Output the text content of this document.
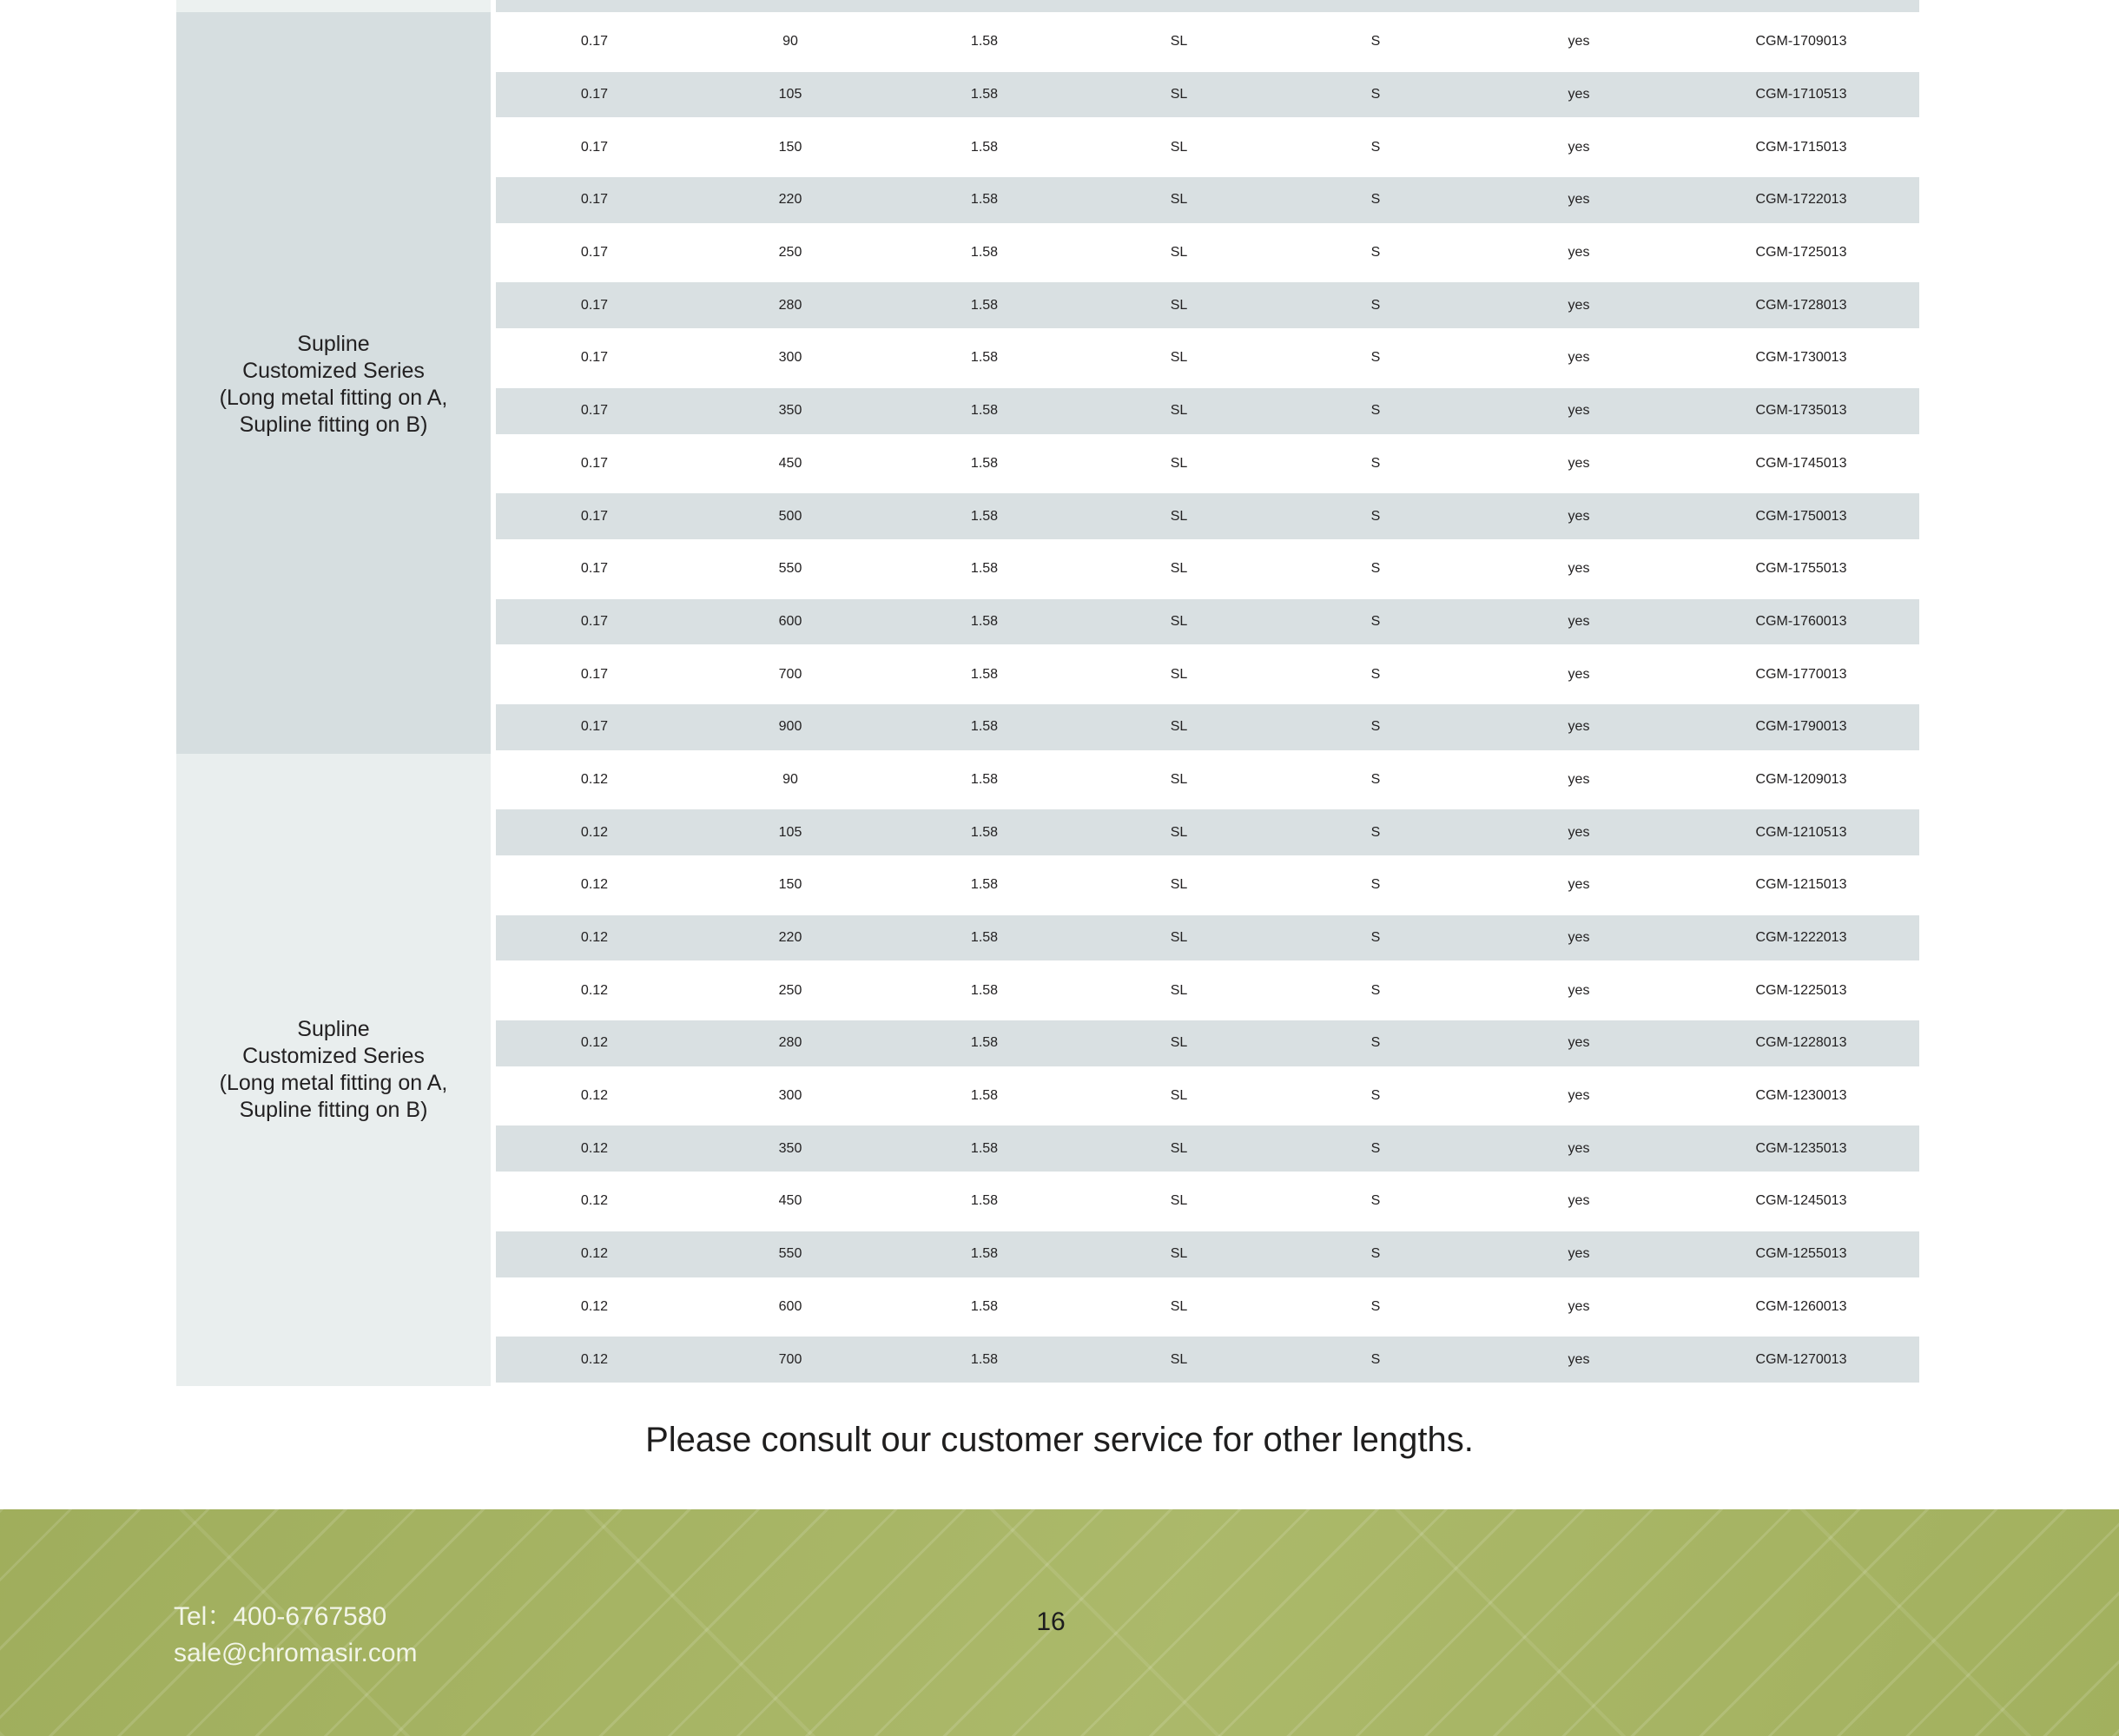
Supline
Customized Series
(Long metal fitting on A,
Supline fitting on B)
0.17	90	1.58	SL	S	yes	CGM-1709013
0.17	105	1.58	SL	S	yes	CGM-1710513
0.17	150	1.58	SL	S	yes	CGM-1715013
0.17	220	1.58	SL	S	yes	CGM-1722013
0.17	250	1.58	SL	S	yes	CGM-1725013
0.17	280	1.58	SL	S	yes	CGM-1728013
0.17	300	1.58	SL	S	yes	CGM-1730013
0.17	350	1.58	SL	S	yes	CGM-1735013
0.17	450	1.58	SL	S	yes	CGM-1745013
0.17	500	1.58	SL	S	yes	CGM-1750013
0.17	550	1.58	SL	S	yes	CGM-1755013
0.17	600	1.58	SL	S	yes	CGM-1760013
0.17	700	1.58	SL	S	yes	CGM-1770013
0.17	900	1.58	SL	S	yes	CGM-1790013
Supline
Customized Series
(Long metal fitting on A,
Supline fitting on B)
0.12	90	1.58	SL	S	yes	CGM-1209013
0.12	105	1.58	SL	S	yes	CGM-1210513
0.12	150	1.58	SL	S	yes	CGM-1215013
0.12	220	1.58	SL	S	yes	CGM-1222013
0.12	250	1.58	SL	S	yes	CGM-1225013
0.12	280	1.58	SL	S	yes	CGM-1228013
0.12	300	1.58	SL	S	yes	CGM-1230013
0.12	350	1.58	SL	S	yes	CGM-1235013
0.12	450	1.58	SL	S	yes	CGM-1245013
0.12	550	1.58	SL	S	yes	CGM-1255013
0.12	600	1.58	SL	S	yes	CGM-1260013
0.12	700	1.58	SL	S	yes	CGM-1270013
Please consult our customer service for other lengths.
Tel：400-6767580
sale@chromasir.com
16
